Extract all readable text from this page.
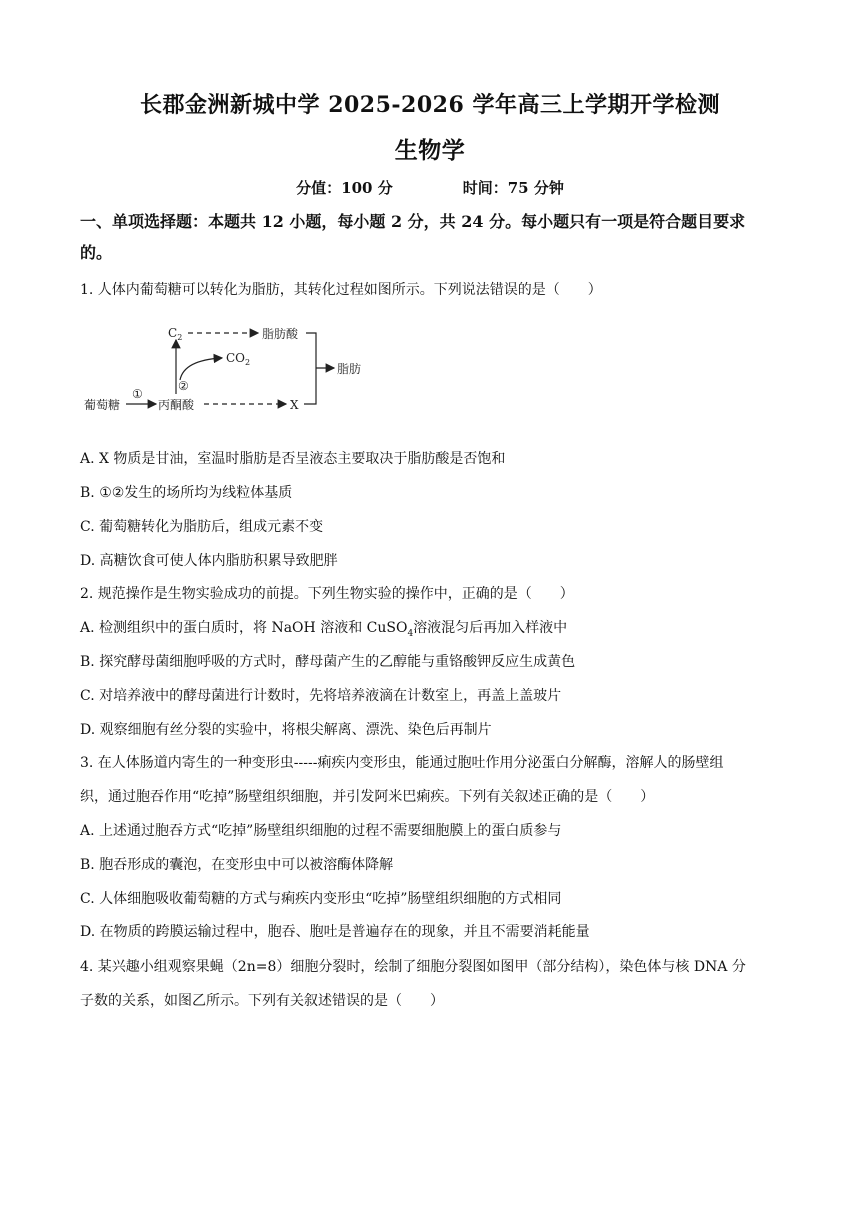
长郡金洲新城中学 2025-2026 学年高三上学期开学检测
生物学
分值：100 分	时间：75 分钟
一、单项选择题：本题共 12 小题，每小题 2 分，共 24 分。每小题只有一项是符合题目要求
的。
1. 人体内葡萄糖可以转化为脂肪，其转化过程如图所示。下列说法错误的是（　　）
葡萄糖
①
丙酮酸
$C_2$
$CO_2$
②
脂肪酸
X
脂肪
A. X 物质是甘油，室温时脂肪是否呈液态主要取决于脂肪酸是否饱和
B. ①②发生的场所均为线粒体基质
C. 葡萄糖转化为脂肪后，组成元素不变
D. 高糖饮食可使人体内脂肪积累导致肥胖
2. 规范操作是生物实验成功的前提。下列生物实验的操作中，正确的是（　　）
A. 检测组织中的蛋白质时，将 NaOH 溶液和 CuSO$_4$溶液混匀后再加入样液中
B. 探究酵母菌细胞呼吸的方式时，酵母菌产生的乙醇能与重铬酸钾反应生成黄色
C. 对培养液中的酵母菌进行计数时，先将培养液滴在计数室上，再盖上盖玻片
D. 观察细胞有丝分裂的实验中，将根尖解离、漂洗、染色后再制片
3. 在人体肠道内寄生的一种变形虫-----痢疾内变形虫，能通过胞吐作用分泌蛋白分解酶，溶解人的肠壁组
织，通过胞吞作用“吃掉”肠壁组织细胞，并引发阿米巴痢疾。下列有关叙述正确的是（　　）
A. 上述通过胞吞方式“吃掉”肠壁组织细胞的过程不需要细胞膜上的蛋白质参与
B. 胞吞形成的囊泡，在变形虫中可以被溶酶体降解
C. 人体细胞吸收葡萄糖的方式与痢疾内变形虫“吃掉”肠壁组织细胞的方式相同
D. 在物质的跨膜运输过程中，胞吞、胞吐是普遍存在的现象，并且不需要消耗能量
4. 某兴趣小组观察果蝇（2n=8）细胞分裂时，绘制了细胞分裂图如图甲（部分结构），染色体与核 DNA 分
子数的关系，如图乙所示。下列有关叙述错误的是（　　）
